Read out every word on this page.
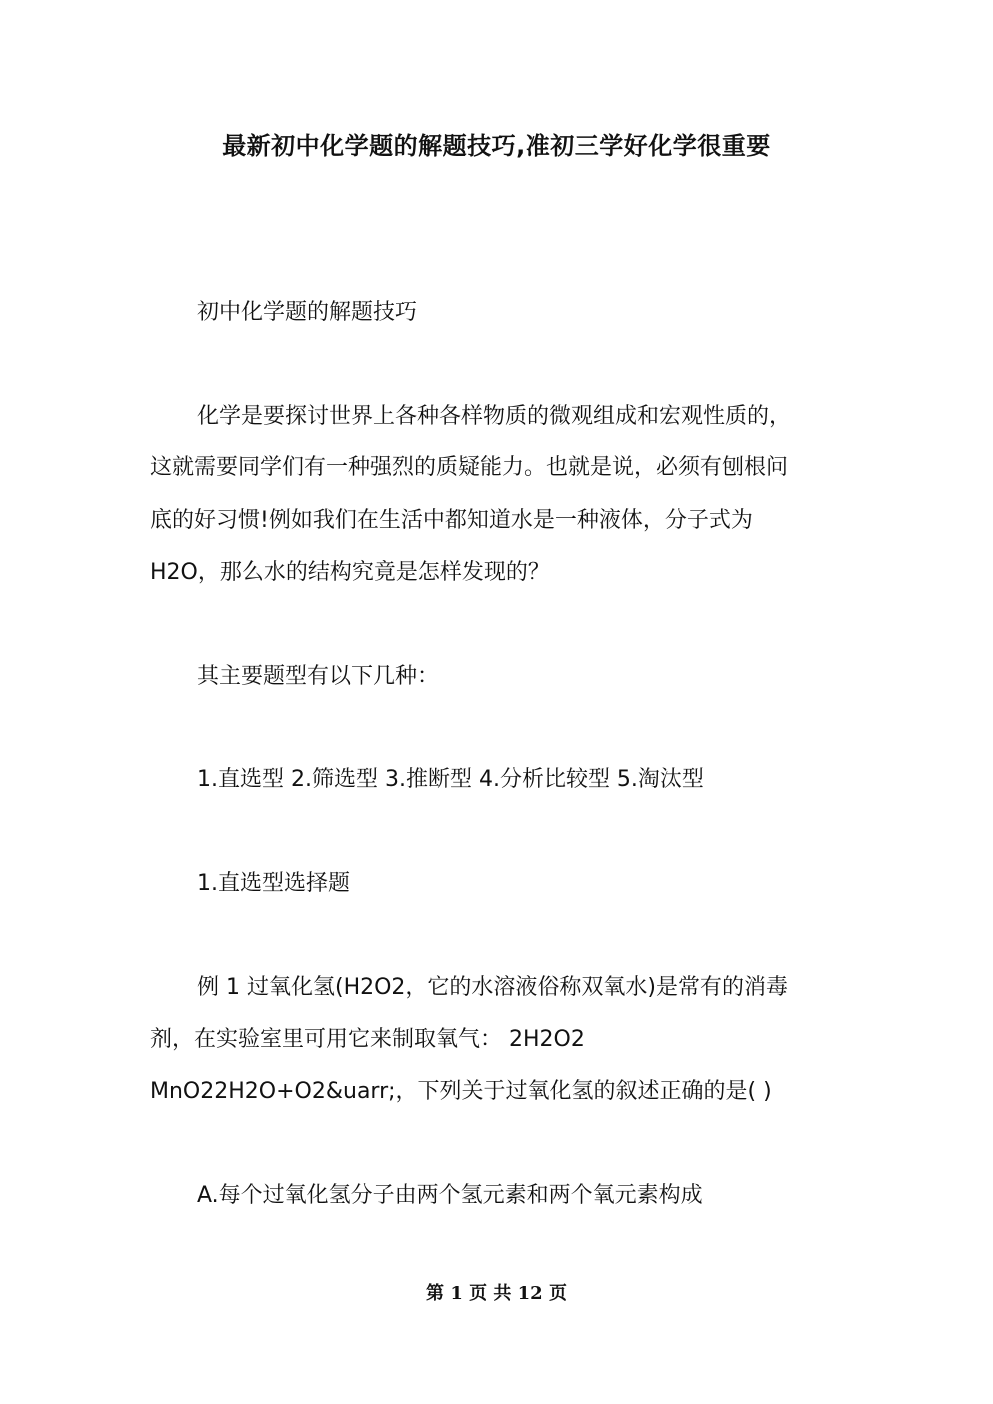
最新初中化学题的解题技巧,准初三学好化学很重要

初中化学题的解题技巧

化学是要探讨世界上各种各样物质的微观组成和宏观性质的，

这就需要同学们有一种强烈的质疑能力。也就是说，必须有刨根问

底的好习惯!例如我们在生活中都知道水是一种液体，分子式为

H2O，那么水的结构究竟是怎样发现的？

其主要题型有以下几种：

1.直选型 2.筛选型 3.推断型 4.分析比较型 5.淘汰型

1.直选型选择题

例 1 过氧化氢(H2O2，它的水溶液俗称双氧水)是常有的消毒

剂，在实验室里可用它来制取氧气： 2H2O2

MnO22H2O+O2&uarr;，下列关于过氧化氢的叙述正确的是( )

A.每个过氧化氢分子由两个氢元素和两个氧元素构成

第 1 页 共 12 页
